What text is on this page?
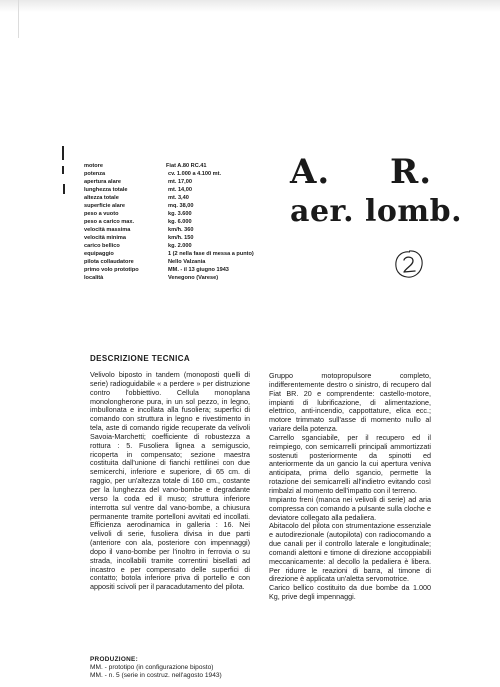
motore	Fiat A.80 RC.41
potenza	cv. 1.000 a 4.100 mt.
apertura alare	mt. 17,00
lunghezza totale	mt. 14,00
altezza totale	mt. 3,40
superficie alare	mq. 38,00
peso a vuoto	kg. 3.600
peso a carico max.	kg. 6.000
velocità massima	km/h. 360
velocità minima	km/h. 150
carico bellico	kg. 2.000
equipaggio	1 (2 nella fase di messa a punto)
pilota collaudatore	Nello Valzania
primo volo prototipo	MM. - il 13 giugno 1943
località	Venegono (Varese)
A. R.
aer. lomb.
DESCRIZIONE TECNICA

Velivolo biposto in tandem (monoposti quelli di serie) radioguidabile « a perdere » per distruzione contro l'obbiettivo. Cellula monoplana monolongherone pura, in un sol pezzo, in legno, imbullonata e incollata alla fusoliera; superfici di comando con struttura in legno e rivestimento in tela, aste di comando rigide recuperate da velivoli Savoia-Marchetti; coefficiente di robustezza a rottura : 5. Fusoliera lignea a semiguscio, ricoperta in compensato; sezione maestra costituita dall'unione di fianchi rettilinei con due semicerchi, inferiore e superiore, di 65 cm. di raggio, per un'altezza totale di 160 cm., costante per la lunghezza del vano-bombe e degradante verso la coda ed il muso; struttura inferiore interrotta sul ventre dal vano-bombe, a chiusura permanente tramite portelloni avvitati ed incollati. Efficienza aerodinamica in galleria : 16. Nei velivoli di serie, fusoliera divisa in due parti (anteriore con ala, posteriore con impennaggi) dopo il vano-bombe per l'inoltro in ferrovia o su strada, incollabili tramite correntini bisellati ad incastro e per compensato delle superfici di contatto; botola inferiore priva di portello e con appositi scivoli per il paracadutamento del pilota.

Gruppo motopropulsore completo, indifferentemente destro o sinistro, di recupero dal Fiat BR. 20 e comprendente: castello-motore, impianti di lubrificazione, di alimentazione, elettrico, anti-incendio, cappottature, elica ecc.; motore trimmato sull'asse di momento nullo al variare della potenza.

Carrello sganciabile, per il recupero ed il reimpiego, con semicarrelli principali ammortizzati sostenuti posteriormente da spinotti ed anteriormente da un gancio la cui apertura veniva anticipata, prima dello sgancio, permette la rotazione dei semicarrelli all'indietro evitando così rimbalzi al momento dell'impatto con il terreno.

Impianto freni (manca nei velivoli di serie) ad aria compressa con comando a pulsante sulla cloche e deviatore collegato alla pedaliera.

Abitacolo del pilota con strumentazione essenziale e autodirezionale (autopilota) con radiocomando a due canali per il controllo laterale e longitudinale; comandi alettoni e timone di direzione accoppiabili meccanicamente: al decollo la pedaliera è libera. Per ridurre le reazioni di barra, al timone di direzione è applicata un'aletta servomotrice.

Carico bellico costituito da due bombe da 1.000 Kg, prive degli impennaggi.

PRODUZIONE:
MM. - prototipo (in configurazione biposto)
MM. - n. 5 (serie in costruz. nell'agosto 1943)
